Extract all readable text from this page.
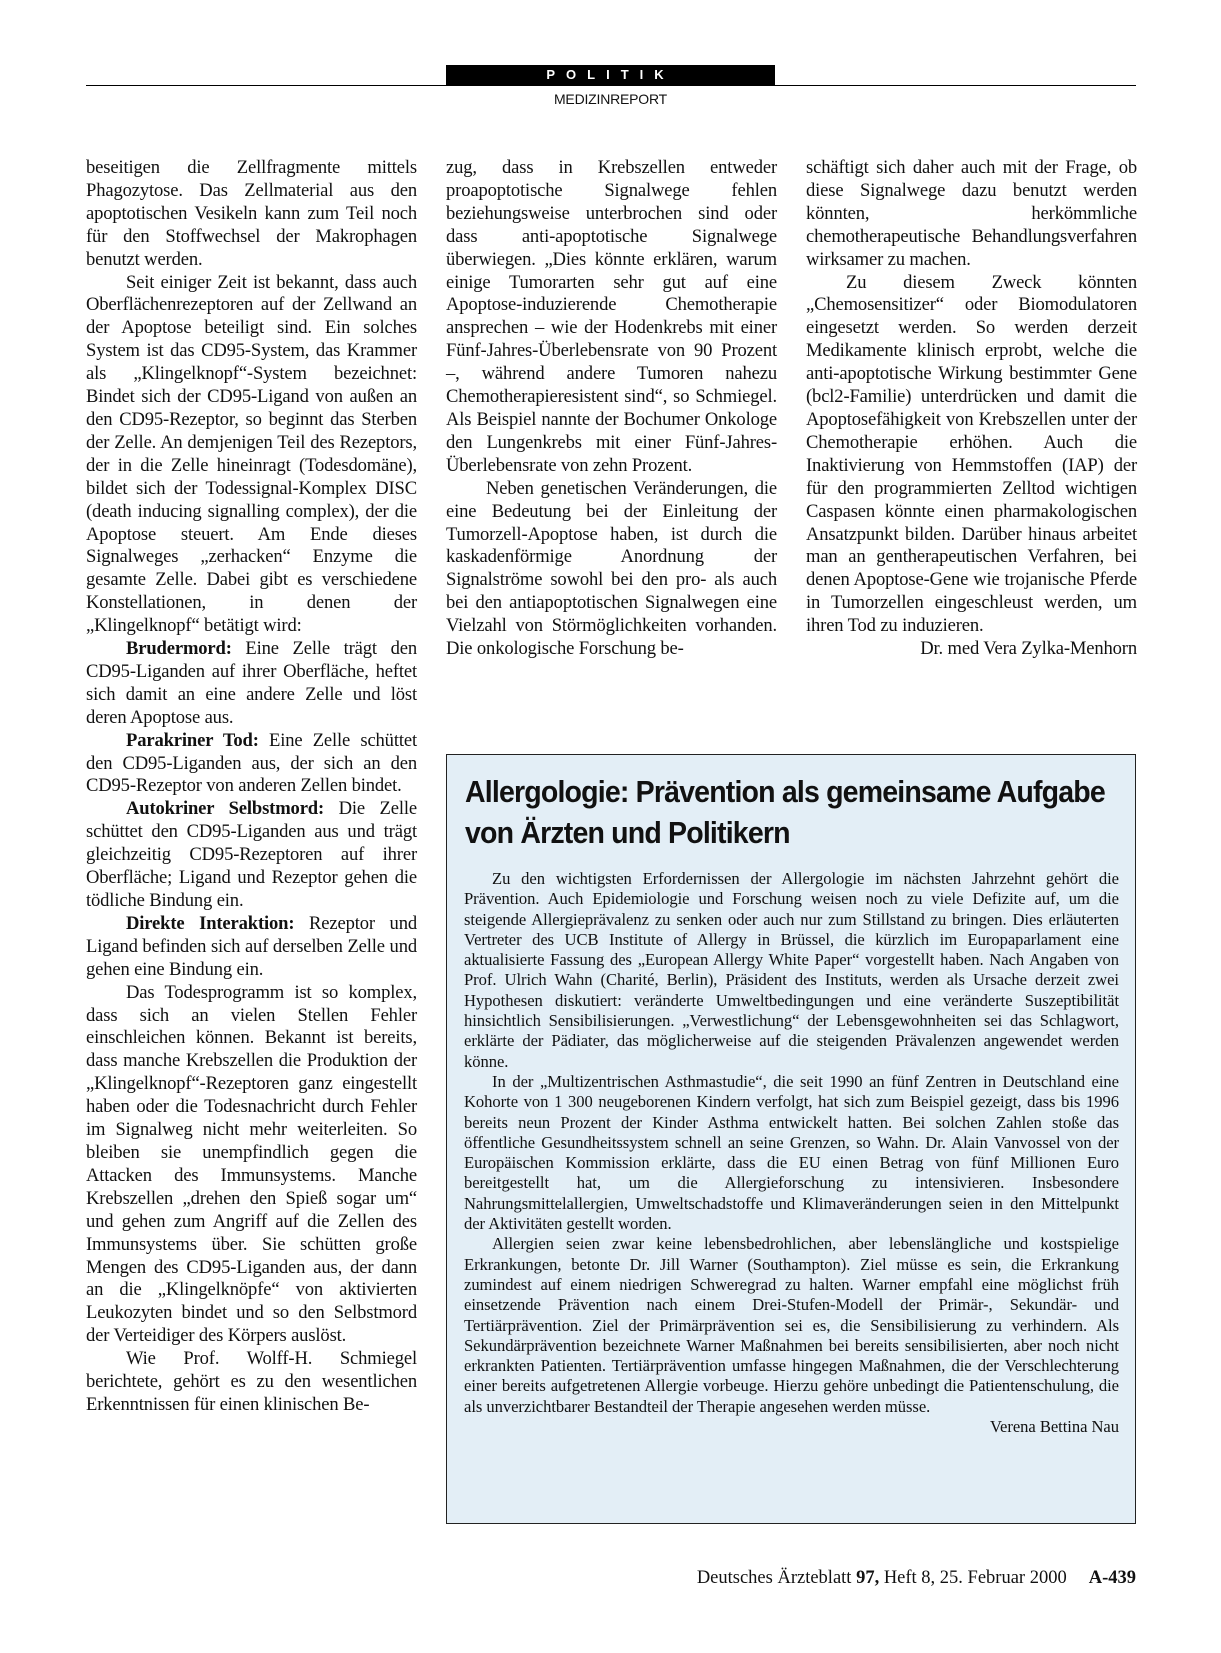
POLITIK
MEDIZINREPORT

beseitigen die Zellfragmente mittels Phagozytose. Das Zellmaterial aus den apoptotischen Vesikeln kann zum Teil noch für den Stoffwechsel der Makrophagen benutzt werden.

Seit einiger Zeit ist bekannt, dass auch Oberflächenrezeptoren auf der Zellwand an der Apoptose beteiligt sind. Ein solches System ist das CD95-System, das Krammer als „Klingelknopf“-System bezeichnet: Bindet sich der CD95-Ligand von außen an den CD95-Rezeptor, so beginnt das Sterben der Zelle. An demjenigen Teil des Rezeptors, der in die Zelle hineinragt (Todesdomäne), bildet sich der Todessignal-Komplex DISC (death inducing signalling complex), der die Apoptose steuert. Am Ende dieses Signalweges „zerhacken“ Enzyme die gesamte Zelle. Dabei gibt es verschiedene Konstellationen, in denen der „Klingelknopf“ betätigt wird:

Brudermord: Eine Zelle trägt den CD95-Liganden auf ihrer Oberfläche, heftet sich damit an eine andere Zelle und löst deren Apoptose aus.

Parakriner Tod: Eine Zelle schüttet den CD95-Liganden aus, der sich an den CD95-Rezeptor von anderen Zellen bindet.

Autokriner Selbstmord: Die Zelle schüttet den CD95-Liganden aus und trägt gleichzeitig CD95-Rezeptoren auf ihrer Oberfläche; Ligand und Rezeptor gehen die tödliche Bindung ein.

Direkte Interaktion: Rezeptor und Ligand befinden sich auf derselben Zelle und gehen eine Bindung ein.

Das Todesprogramm ist so komplex, dass sich an vielen Stellen Fehler einschleichen können. Bekannt ist bereits, dass manche Krebszellen die Produktion der „Klingelknopf“-Rezeptoren ganz eingestellt haben oder die Todesnachricht durch Fehler im Signalweg nicht mehr weiterleiten. So bleiben sie unempfindlich gegen die Attacken des Immunsystems. Manche Krebszellen „drehen den Spieß sogar um“ und gehen zum Angriff auf die Zellen des Immunsystems über. Sie schütten große Mengen des CD95-Liganden aus, der dann an die „Klingelknöpfe“ von aktivierten Leukozyten bindet und so den Selbstmord der Verteidiger des Körpers auslöst.

Wie Prof. Wolff-H. Schmiegel berichtete, gehört es zu den wesentlichen Erkenntnissen für einen klinischen Be-

zug, dass in Krebszellen entweder proapoptotische Signalwege fehlen beziehungsweise unterbrochen sind oder dass anti-apoptotische Signalwege überwiegen. „Dies könnte erklären, warum einige Tumorarten sehr gut auf eine Apoptose-induzierende Chemotherapie ansprechen – wie der Hodenkrebs mit einer Fünf-Jahres-Überlebensrate von 90 Prozent –, während andere Tumoren nahezu Chemotherapieresistent sind“, so Schmiegel. Als Beispiel nannte der Bochumer Onkologe den Lungenkrebs mit einer Fünf-Jahres-Überlebensrate von zehn Prozent.

Neben genetischen Veränderungen, die eine Bedeutung bei der Einleitung der Tumorzell-Apoptose haben, ist durch die kaskadenförmige Anordnung der Signalströme sowohl bei den pro- als auch bei den antiapoptotischen Signalwegen eine Vielzahl von Störmöglichkeiten vorhanden. Die onkologische Forschung be-

schäftigt sich daher auch mit der Frage, ob diese Signalwege dazu benutzt werden könnten, herkömmliche chemotherapeutische Behandlungsverfahren wirksamer zu machen.

Zu diesem Zweck könnten „Chemosensitizer“ oder Biomodulatoren eingesetzt werden. So werden derzeit Medikamente klinisch erprobt, welche die anti-apoptotische Wirkung bestimmter Gene (bcl2-Familie) unterdrücken und damit die Apoptosefähigkeit von Krebszellen unter der Chemotherapie erhöhen. Auch die Inaktivierung von Hemmstoffen (IAP) der für den programmierten Zelltod wichtigen Caspasen könnte einen pharmakologischen Ansatzpunkt bilden. Darüber hinaus arbeitet man an gentherapeutischen Verfahren, bei denen Apoptose-Gene wie trojanische Pferde in Tumorzellen eingeschleust werden, um ihren Tod zu induzieren.

Dr. med Vera Zylka-Menhorn

Allergologie: Prävention als gemeinsame Aufgabe von Ärzten und Politikern

Zu den wichtigsten Erfordernissen der Allergologie im nächsten Jahrzehnt gehört die Prävention. Auch Epidemiologie und Forschung weisen noch zu viele Defizite auf, um die steigende Allergieprävalenz zu senken oder auch nur zum Stillstand zu bringen. Dies erläuterten Vertreter des UCB Institute of Allergy in Brüssel, die kürzlich im Europaparlament eine aktualisierte Fassung des „European Allergy White Paper“ vorgestellt haben. Nach Angaben von Prof. Ulrich Wahn (Charité, Berlin), Präsident des Instituts, werden als Ursache derzeit zwei Hypothesen diskutiert: veränderte Umweltbedingungen und eine veränderte Suszeptibilität hinsichtlich Sensibilisierungen. „Verwestlichung“ der Lebensgewohnheiten sei das Schlagwort, erklärte der Pädiater, das möglicherweise auf die steigenden Prävalenzen angewendet werden könne.

In der „Multizentrischen Asthmastudie“, die seit 1990 an fünf Zentren in Deutschland eine Kohorte von 1 300 neugeborenen Kindern verfolgt, hat sich zum Beispiel gezeigt, dass bis 1996 bereits neun Prozent der Kinder Asthma entwickelt hatten. Bei solchen Zahlen stoße das öffentliche Gesundheitssystem schnell an seine Grenzen, so Wahn. Dr. Alain Vanvossel von der Europäischen Kommission erklärte, dass die EU einen Betrag von fünf Millionen Euro bereitgestellt hat, um die Allergieforschung zu intensivieren. Insbesondere Nahrungsmittelallergien, Umweltschadstoffe und Klimaveränderungen seien in den Mittelpunkt der Aktivitäten gestellt worden.

Allergien seien zwar keine lebensbedrohlichen, aber lebenslängliche und kostspielige Erkrankungen, betonte Dr. Jill Warner (Southampton). Ziel müsse es sein, die Erkrankung zumindest auf einem niedrigen Schweregrad zu halten. Warner empfahl eine möglichst früh einsetzende Prävention nach einem Drei-Stufen-Modell der Primär-, Sekundär- und Tertiärprävention. Ziel der Primärprävention sei es, die Sensibilisierung zu verhindern. Als Sekundärprävention bezeichnete Warner Maßnahmen bei bereits sensibilisierten, aber noch nicht erkrankten Patienten. Tertiärprävention umfasse hingegen Maßnahmen, die der Verschlechterung einer bereits aufgetretenen Allergie vorbeuge. Hierzu gehöre unbedingt die Patientenschulung, die als unverzichtbarer Bestandteil der Therapie angesehen werden müsse.

Verena Bettina Nau

Deutsches Ärzteblatt 97, Heft 8, 25. Februar 2000 A-439
